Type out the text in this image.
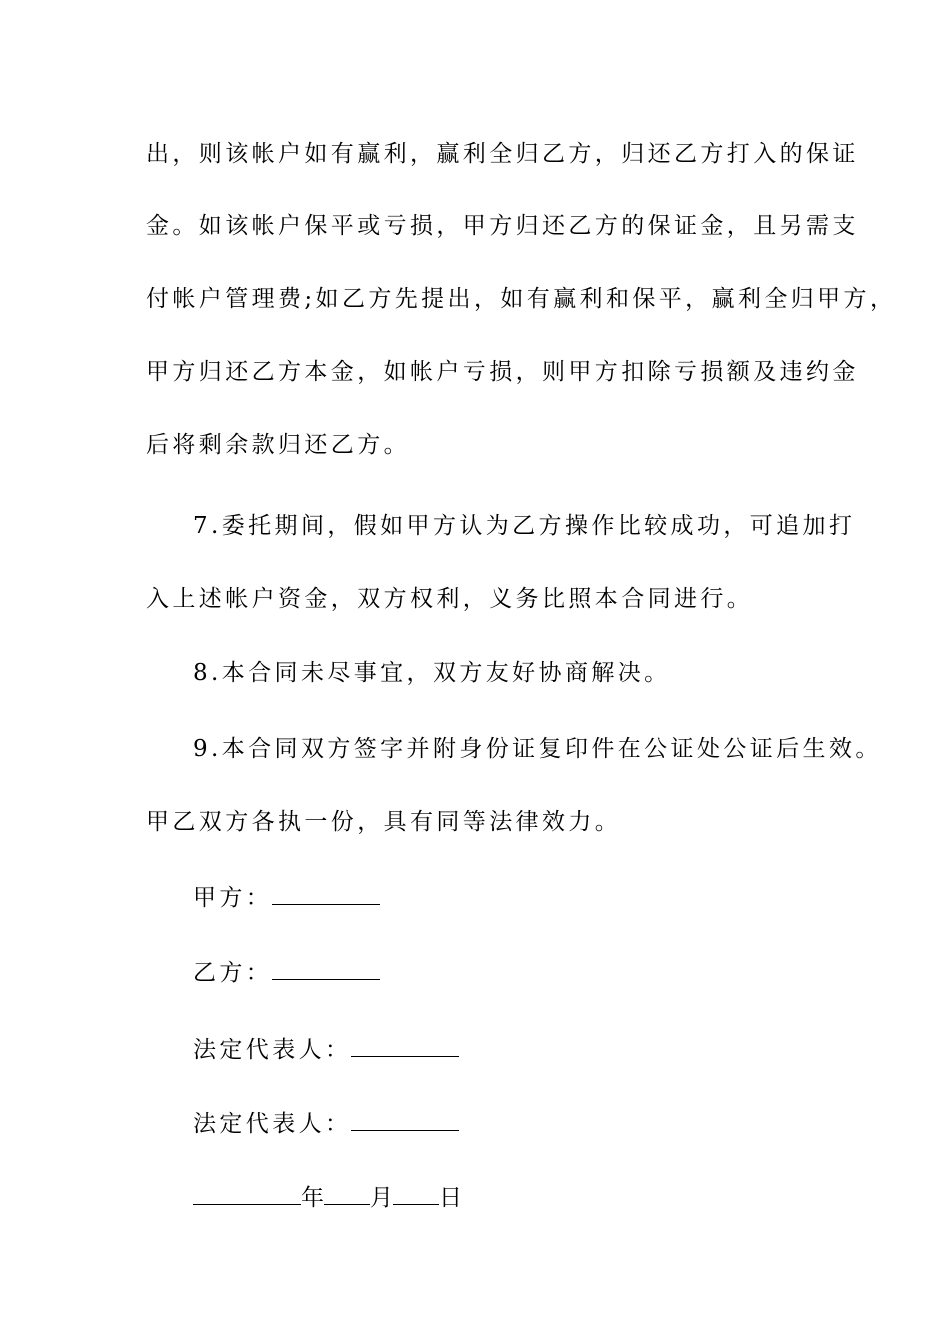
出，则该帐户如有赢利，赢利全归乙方，归还乙方打入的保证
金。如该帐户保平或亏损，甲方归还乙方的保证金，且另需支
付帐户管理费;如乙方先提出，如有赢利和保平，赢利全归甲方，
甲方归还乙方本金，如帐户亏损，则甲方扣除亏损额及违约金
后将剩余款归还乙方。
7.委托期间，假如甲方认为乙方操作比较成功，可追加打
入上述帐户资金，双方权利，义务比照本合同进行。
8.本合同未尽事宜，双方友好协商解决。
9.本合同双方签字并附身份证复印件在公证处公证后生效。
甲乙双方各执一份，具有同等法律效力。
甲方：
乙方：
法定代表人：
法定代表人：
年 月 日
